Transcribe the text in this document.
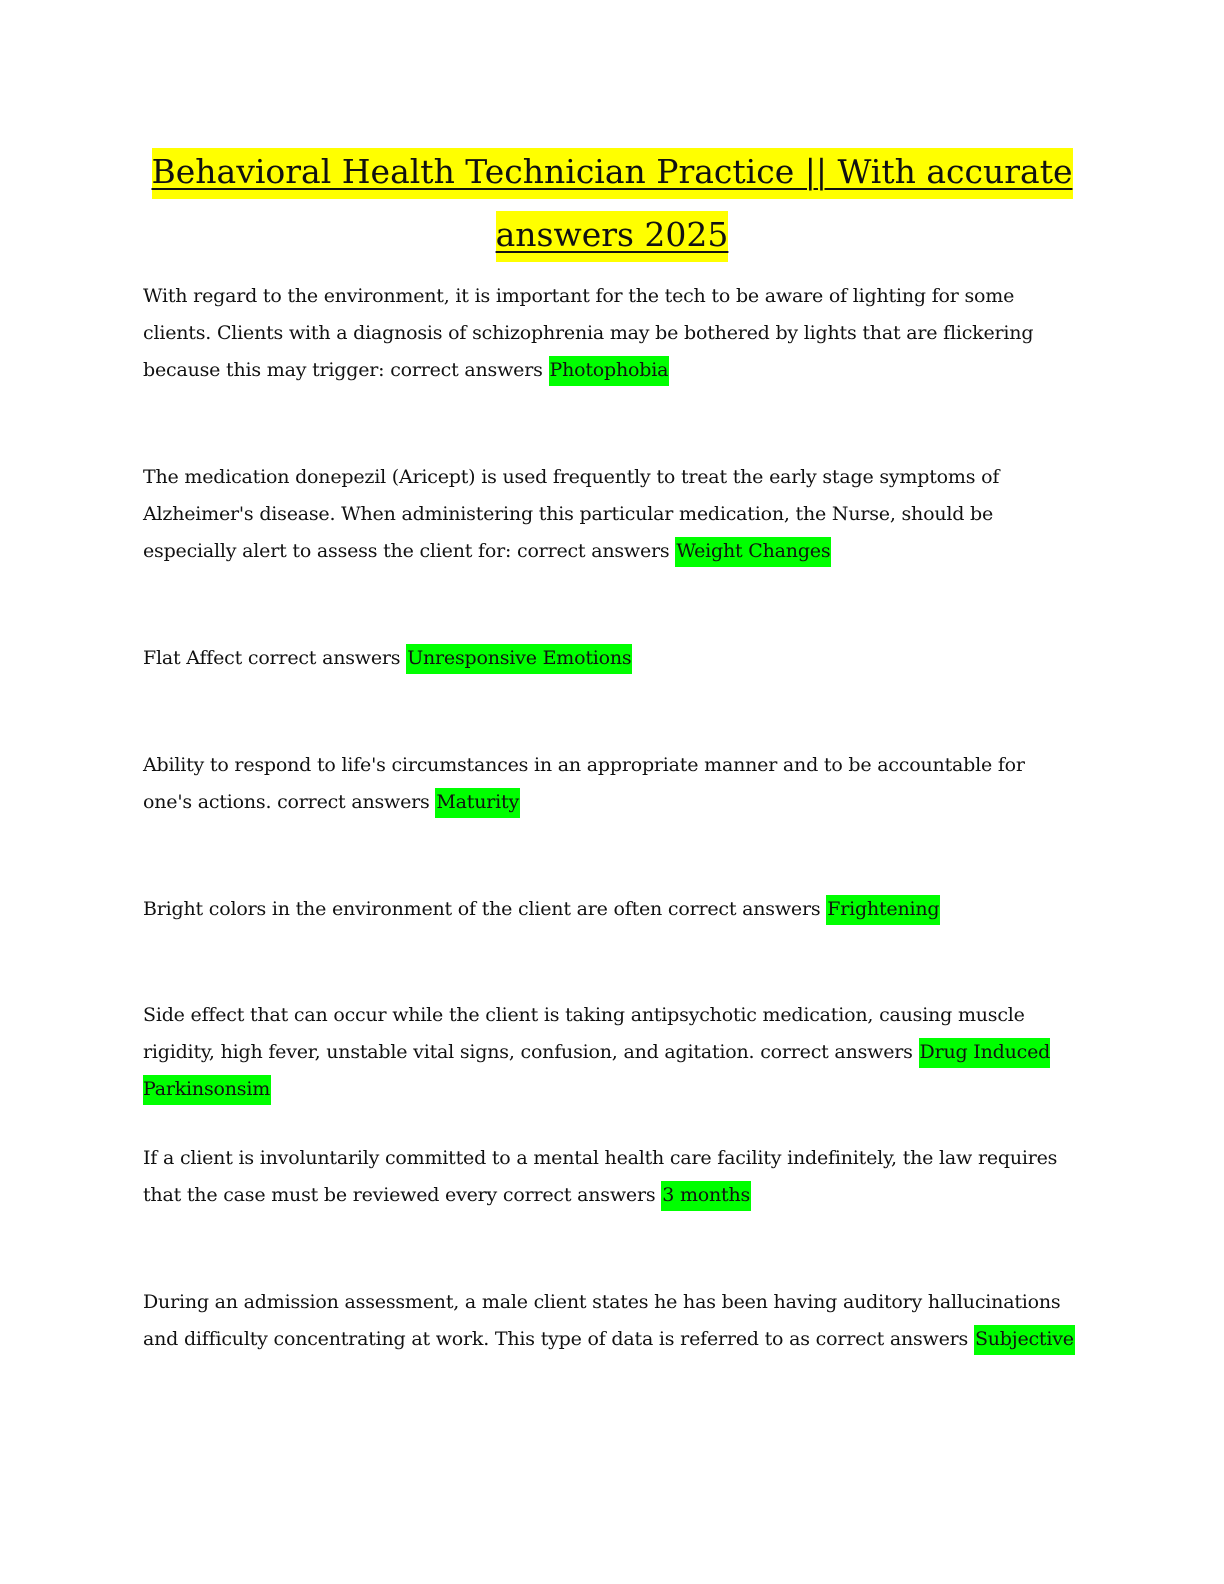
Behavioral Health Technician Practice || With accurate
answers 2025

With regard to the environment, it is important for the tech to be aware of lighting for some clients. Clients with a diagnosis of schizophrenia may be bothered by lights that are flickering because this may trigger: correct answers Photophobia

The medication donepezil (Aricept) is used frequently to treat the early stage symptoms of Alzheimer's disease. When administering this particular medication, the Nurse, should be especially alert to assess the client for: correct answers Weight Changes

Flat Affect correct answers Unresponsive Emotions

Ability to respond to life's circumstances in an appropriate manner and to be accountable for one's actions. correct answers Maturity

Bright colors in the environment of the client are often correct answers Frightening

Side effect that can occur while the client is taking antipsychotic medication, causing muscle rigidity, high fever, unstable vital signs, confusion, and agitation. correct answers Drug Induced Parkinsonsim

If a client is involuntarily committed to a mental health care facility indefinitely, the law requires that the case must be reviewed every correct answers 3 months

During an admission assessment, a male client states he has been having auditory hallucinations and difficulty concentrating at work. This type of data is referred to as correct answers Subjective
